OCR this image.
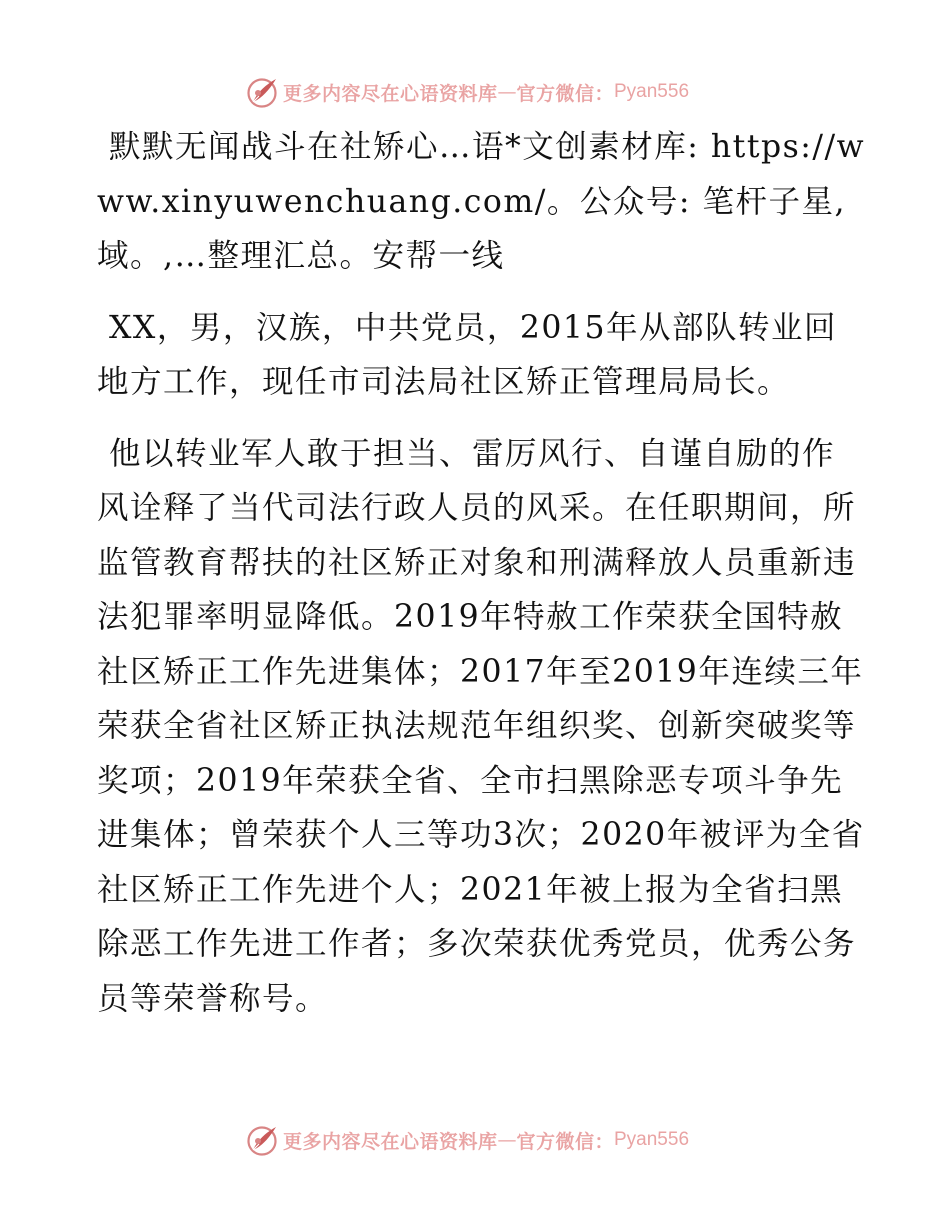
更多内容尽在心语资料库 — 官方微信： Pyan556

默默无闻战斗在社矫心…语*文创素材库: https://www.xinyuwenchuang.com/。公众号: 笔杆子星,域。,…整理汇总。安帮一线

XX，男，汉族，中共党员，2015年从部队转业回地方工作，现任市司法局社区矫正管理局局长。

他以转业军人敢于担当、雷厉风行、自谨自励的作风诠释了当代司法行政人员的风采。在任职期间，所监管教育帮扶的社区矫正对象和刑满释放人员重新违法犯罪率明显降低。2019年特赦工作荣获全国特赦社区矫正工作先进集体；2017年至2019年连续三年荣获全省社区矫正执法规范年组织奖、创新突破奖等奖项；2019年荣获全省、全市扫黑除恶专项斗争先进集体；曾荣获个人三等功3次；2020年被评为全省社区矫正工作先进个人；2021年被上报为全省扫黑除恶工作先进工作者；多次荣获优秀党员，优秀公务员等荣誉称号。

更多内容尽在心语资料库 — 官方微信： Pyan556
